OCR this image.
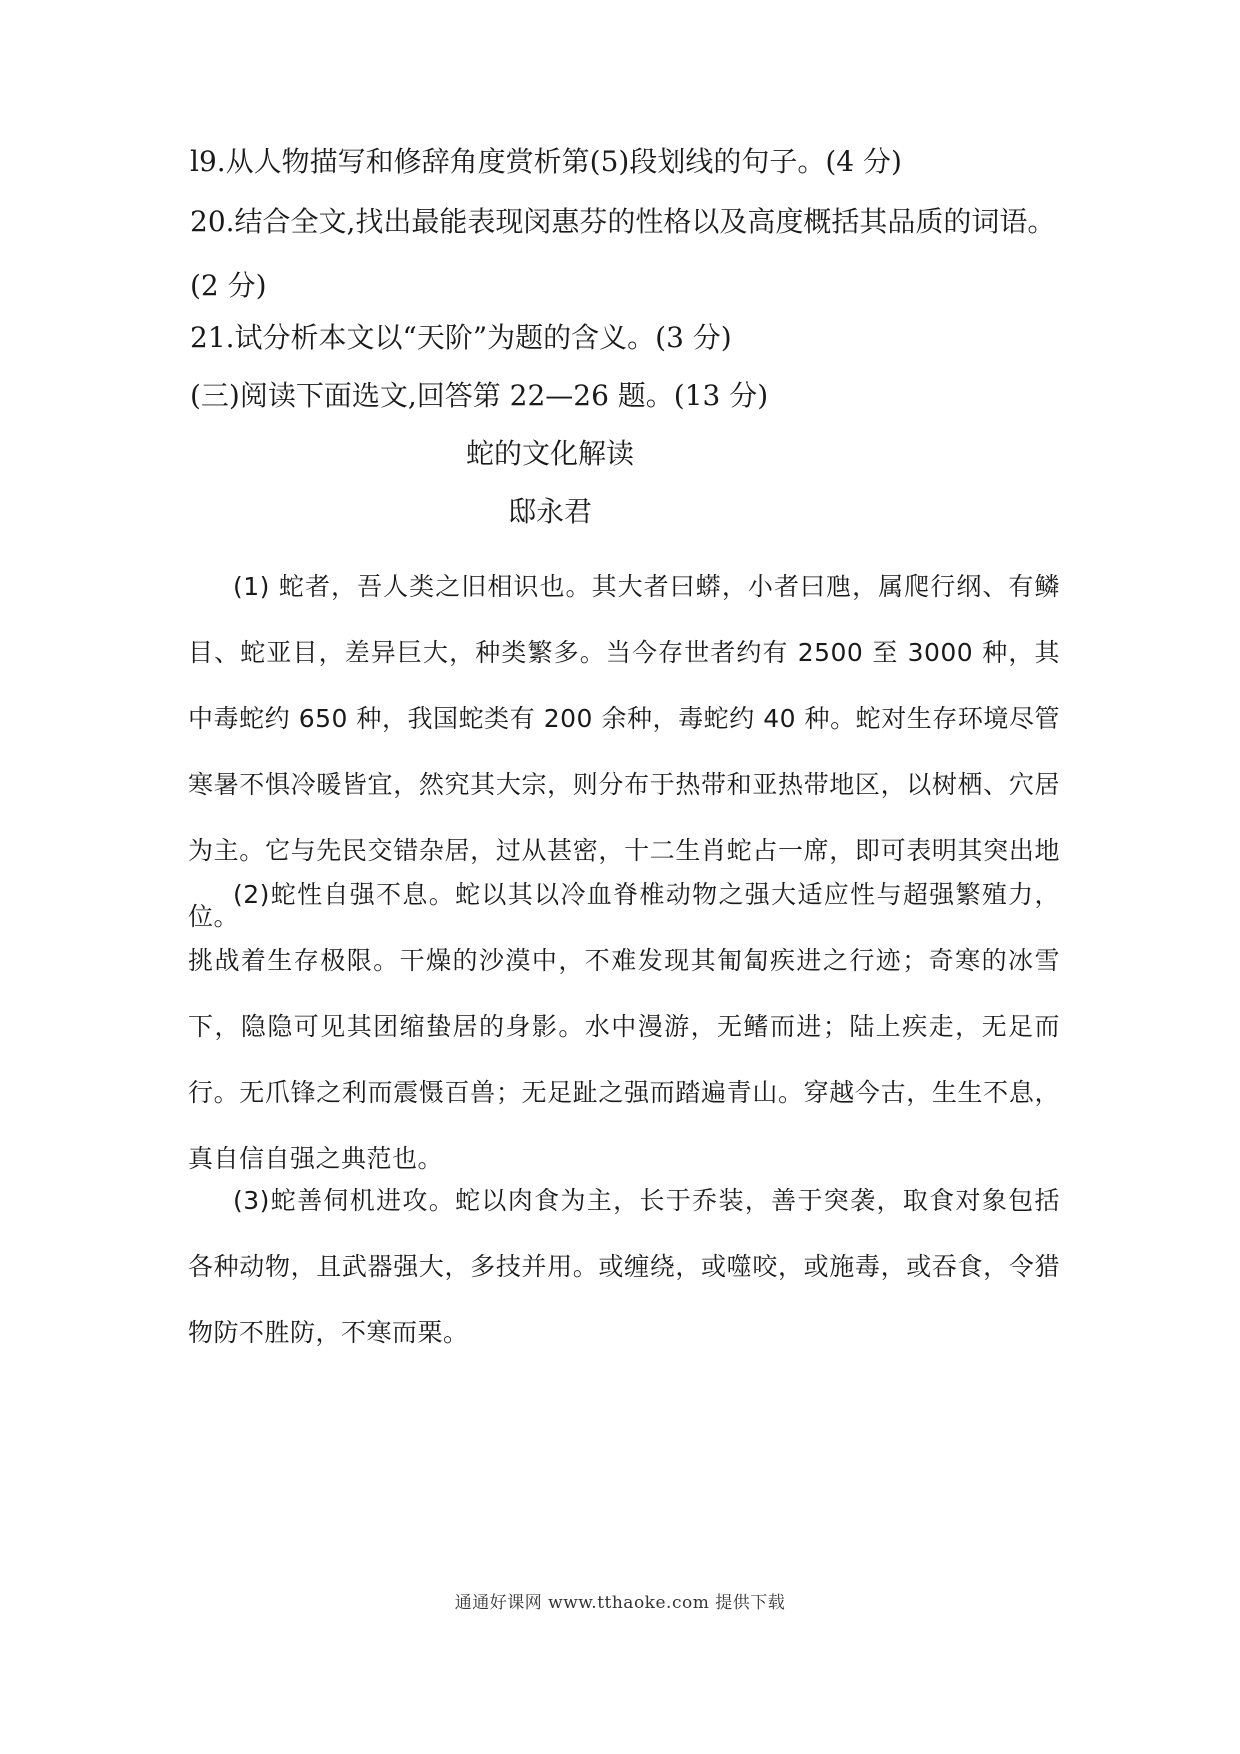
l9.从人物描写和修辞角度赏析第(5)段划线的句子。(4 分)
20.结合全文,找出最能表现闵惠芬的性格以及高度概括其品质的词语。(2 分)
21.试分析本文以“天阶”为题的含义。(3 分)
(三)阅读下面选文,回答第 22—26 题。(13 分)
蛇的文化解读
邸永君
(1) 蛇者，吾人类之旧相识也。其大者曰蟒，小者曰虺，属爬行纲、有鳞目、蛇亚目，差异巨大，种类繁多。当今存世者约有 2500 至 3000 种，其中毒蛇约 650 种，我国蛇类有 200 余种，毒蛇约 40 种。蛇对生存环境尽管寒暑不惧冷暖皆宜，然究其大宗，则分布于热带和亚热带地区，以树栖、穴居为主。它与先民交错杂居，过从甚密，十二生肖蛇占一席，即可表明其突出地位。
(2)蛇性自强不息。蛇以其以冷血脊椎动物之强大适应性与超强繁殖力，挑战着生存极限。干燥的沙漠中，不难发现其匍匐疾进之行迹；奇寒的冰雪下，隐隐可见其团缩蛰居的身影。水中漫游，无鳍而进；陆上疾走，无足而行。无爪锋之利而震慑百兽；无足趾之强而踏遍青山。穿越今古，生生不息，真自信自强之典范也。
(3)蛇善伺机进攻。蛇以肉食为主，长于乔装，善于突袭，取食对象包括各种动物，且武器强大，多技并用。或缠绕，或噬咬，或施毒，或吞食，令猎物防不胜防，不寒而栗。
通通好课网 www.tthaoke.com 提供下载
